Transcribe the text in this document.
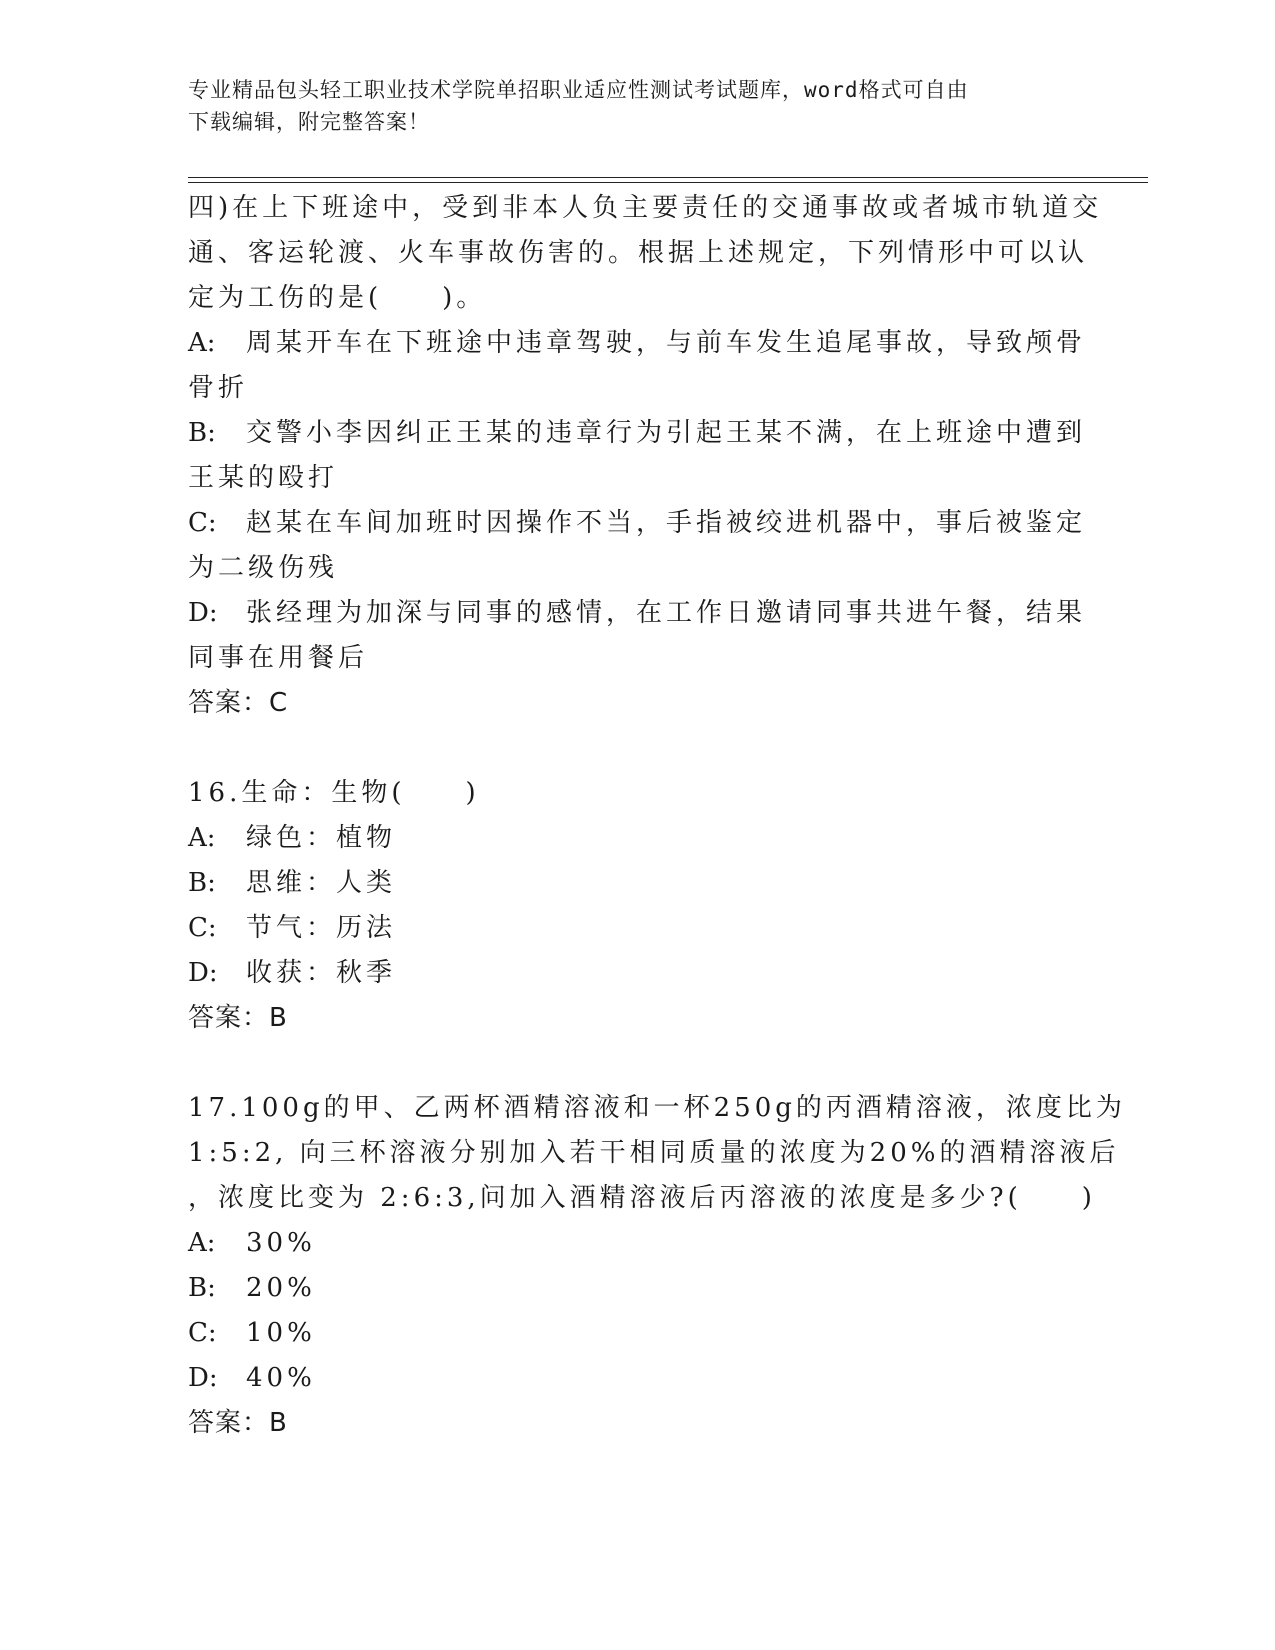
专业精品包头轻工职业技术学院单招职业适应性测试考试题库，word格式可自由
下载编辑，附完整答案！
四)在上下班途中，受到非本人负主要责任的交通事故或者城市轨道交
通、客运轮渡、火车事故伤害的。根据上述规定，下列情形中可以认
定为工伤的是(　　)。
A: 周某开车在下班途中违章驾驶，与前车发生追尾事故，导致颅骨
骨折
B: 交警小李因纠正王某的违章行为引起王某不满，在上班途中遭到
王某的殴打
C: 赵某在车间加班时因操作不当，手指被绞进机器中，事后被鉴定
为二级伤残
D: 张经理为加深与同事的感情，在工作日邀请同事共进午餐，结果
同事在用餐后
答案：C
16.生命：生物(　　)
A: 绿色：植物
B: 思维：人类
C: 节气：历法
D: 收获：秋季
答案：B
17.100g的甲、乙两杯酒精溶液和一杯250g的丙酒精溶液，浓度比为
1:5:2, 向三杯溶液分别加入若干相同质量的浓度为20%的酒精溶液后
，浓度比变为 2:6:3,问加入酒精溶液后丙溶液的浓度是多少?(　　)
A: 30%
B: 20%
C: 10%
D: 40%
答案：B
